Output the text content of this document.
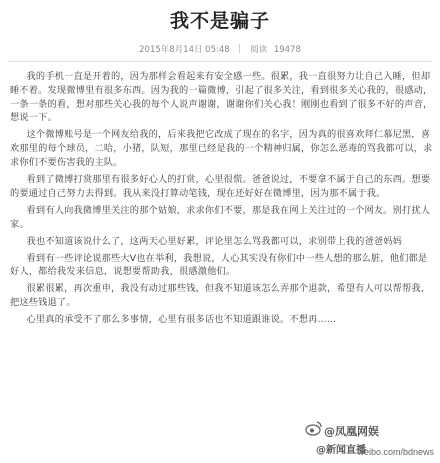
我不是骗子
2015年8月14日 05:48 阅读 19478

我的手机一直是开着的，因为那样会看起来有安全感一些。很累，我一直很努力让自己入睡，但却睡不着。发现微博里有很多东西。因为我的一篇微博，引起了很多关注，看到很多关心我的，很感动，一条一条的看，想对那些关心我的每个人说声谢谢，谢谢你们关心我！刚刚也看到了很多不好的声音，想说一下。

这个微博账号是一个网友给我的，后来我把它改成了现在的名字，因为真的很喜欢拜仁慕尼黑，喜欢那里的每个球员，二哈，小猪，队短，那里已经是我的一个精神归属，你怎么恶毒的骂我都可以，求求你们不要伤害我的主队。

看到了微博打赏那里有很多好心人的打赏，心里很慌。爸爸说过，不要拿不属于自己的东西。想要的要通过自己努力去得到。我从来没打算动笔钱，现在还好好在微博里，因为那不属于我。

看到有人向我微博里关注的那个姑娘，求求你们不要，那是我在网上关注过的一个网友。别打扰人家。

我也不知道该说什么了，这两天心里好累，评论里怎么骂我都可以，求别带上我的爸爸妈妈

看到有一些评论说那些大V也在举利，我想说，人心其实没有你们中一些人想的那么脏，他们都是好人，都给我发来信息，说想要帮助我，很感激他们。

很累很累，再次重申，我没有动过那些钱，但我不知道该怎么弄那个退款，希望有人可以帮帮我，把这些钱退了。

心里真的承受不了那么多事情，心里有很多话也不知道跟谁说。不想再……

@凤凰网娱
@新闻直播
weibo.com/bdnews
